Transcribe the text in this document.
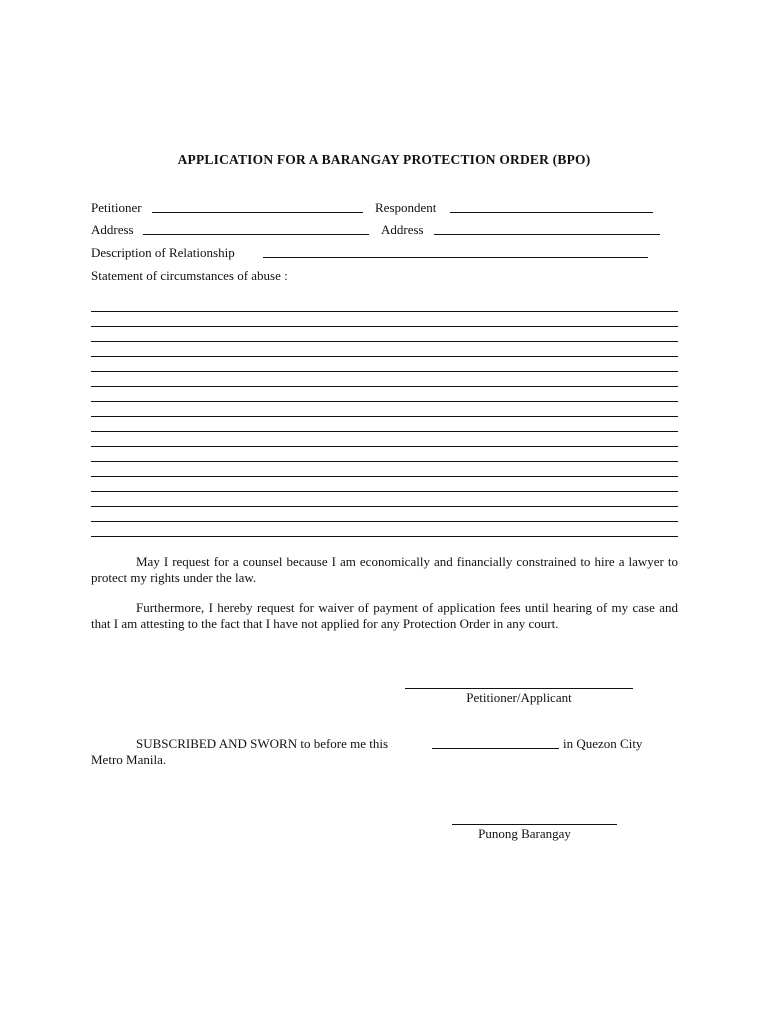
APPLICATION FOR A BARANGAY PROTECTION ORDER (BPO)
Petitioner	Respondent
Address	Address
Description of Relationship
Statement of circumstances of abuse :
May I request for a counsel because I am economically and financially constrained to hire a lawyer to protect my rights under the law.
Furthermore, I hereby request for waiver of payment of application fees until hearing of my case and that I am attesting to the fact that I have not applied for any Protection Order in any court.
Petitioner/Applicant
SUBSCRIBED AND SWORN to before me this	in Quezon City
Metro Manila.
Punong Barangay
